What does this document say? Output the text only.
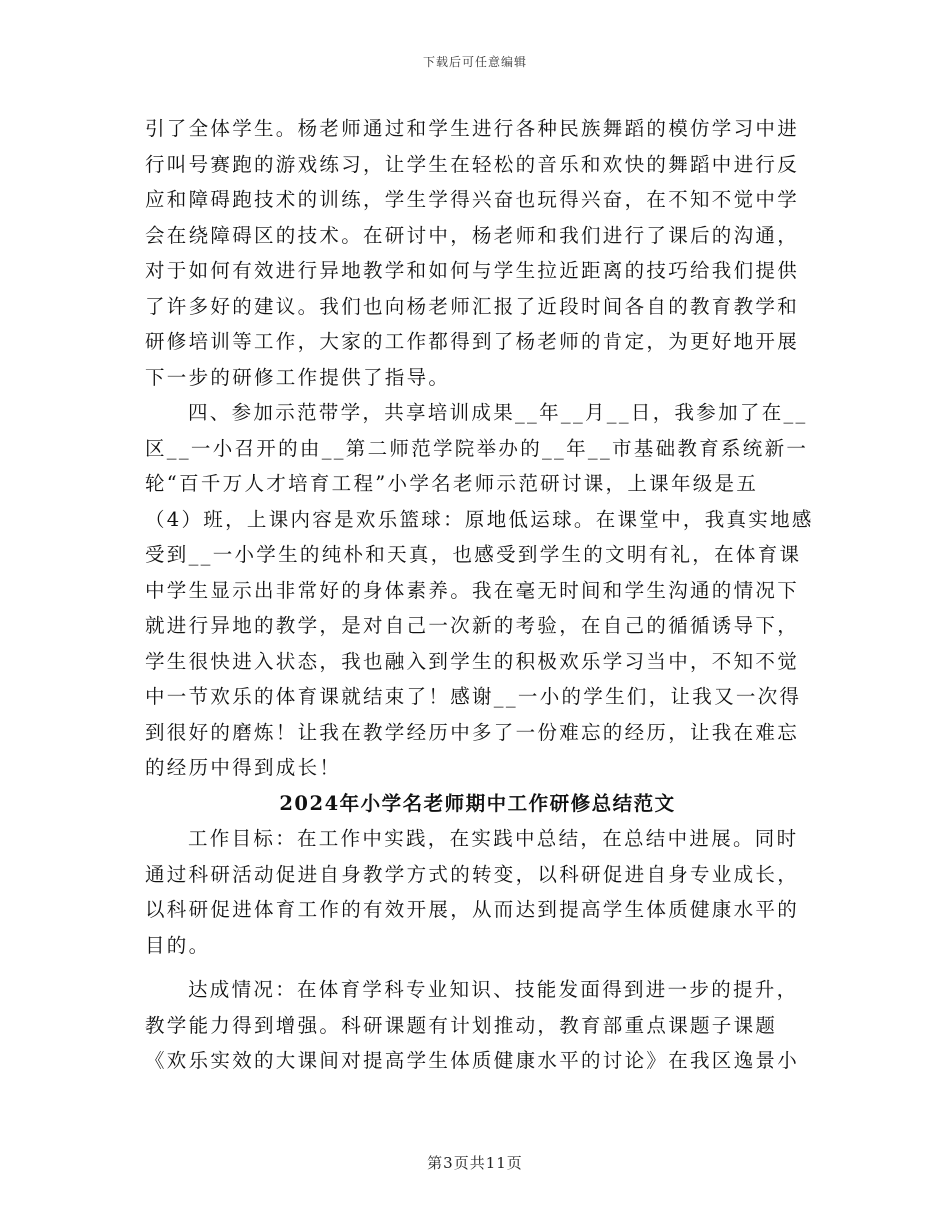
下载后可任意编辑
引了全体学生。杨老师通过和学生进行各种民族舞蹈的模仿学习中进
行叫号赛跑的游戏练习，让学生在轻松的音乐和欢快的舞蹈中进行反
应和障碍跑技术的训练，学生学得兴奋也玩得兴奋，在不知不觉中学
会在绕障碍区的技术。在研讨中，杨老师和我们进行了课后的沟通，
对于如何有效进行异地教学和如何与学生拉近距离的技巧给我们提供
了许多好的建议。我们也向杨老师汇报了近段时间各自的教育教学和
研修培训等工作，大家的工作都得到了杨老师的肯定，为更好地开展
下一步的研修工作提供了指导。
四、参加示范带学，共享培训成果__年__月__日，我参加了在__
区__一小召开的由__第二师范学院举办的__年__市基础教育系统新一
轮“百千万人才培育工程”小学名老师示范研讨课，上课年级是五
（4）班，上课内容是欢乐篮球：原地低运球。在课堂中，我真实地感
受到__一小学生的纯朴和天真，也感受到学生的文明有礼，在体育课
中学生显示出非常好的身体素养。我在毫无时间和学生沟通的情况下
就进行异地的教学，是对自己一次新的考验，在自己的循循诱导下，
学生很快进入状态，我也融入到学生的积极欢乐学习当中，不知不觉
中一节欢乐的体育课就结束了！感谢__一小的学生们，让我又一次得
到很好的磨炼！让我在教学经历中多了一份难忘的经历，让我在难忘
的经历中得到成长！
2024年小学名老师期中工作研修总结范文
工作目标：在工作中实践，在实践中总结，在总结中进展。同时
通过科研活动促进自身教学方式的转变，以科研促进自身专业成长，
以科研促进体育工作的有效开展，从而达到提高学生体质健康水平的
目的。
达成情况：在体育学科专业知识、技能发面得到进一步的提升，
教学能力得到增强。科研课题有计划推动，教育部重点课题子课题
《欢乐实效的大课间对提高学生体质健康水平的讨论》在我区逸景小
第3页共11页
